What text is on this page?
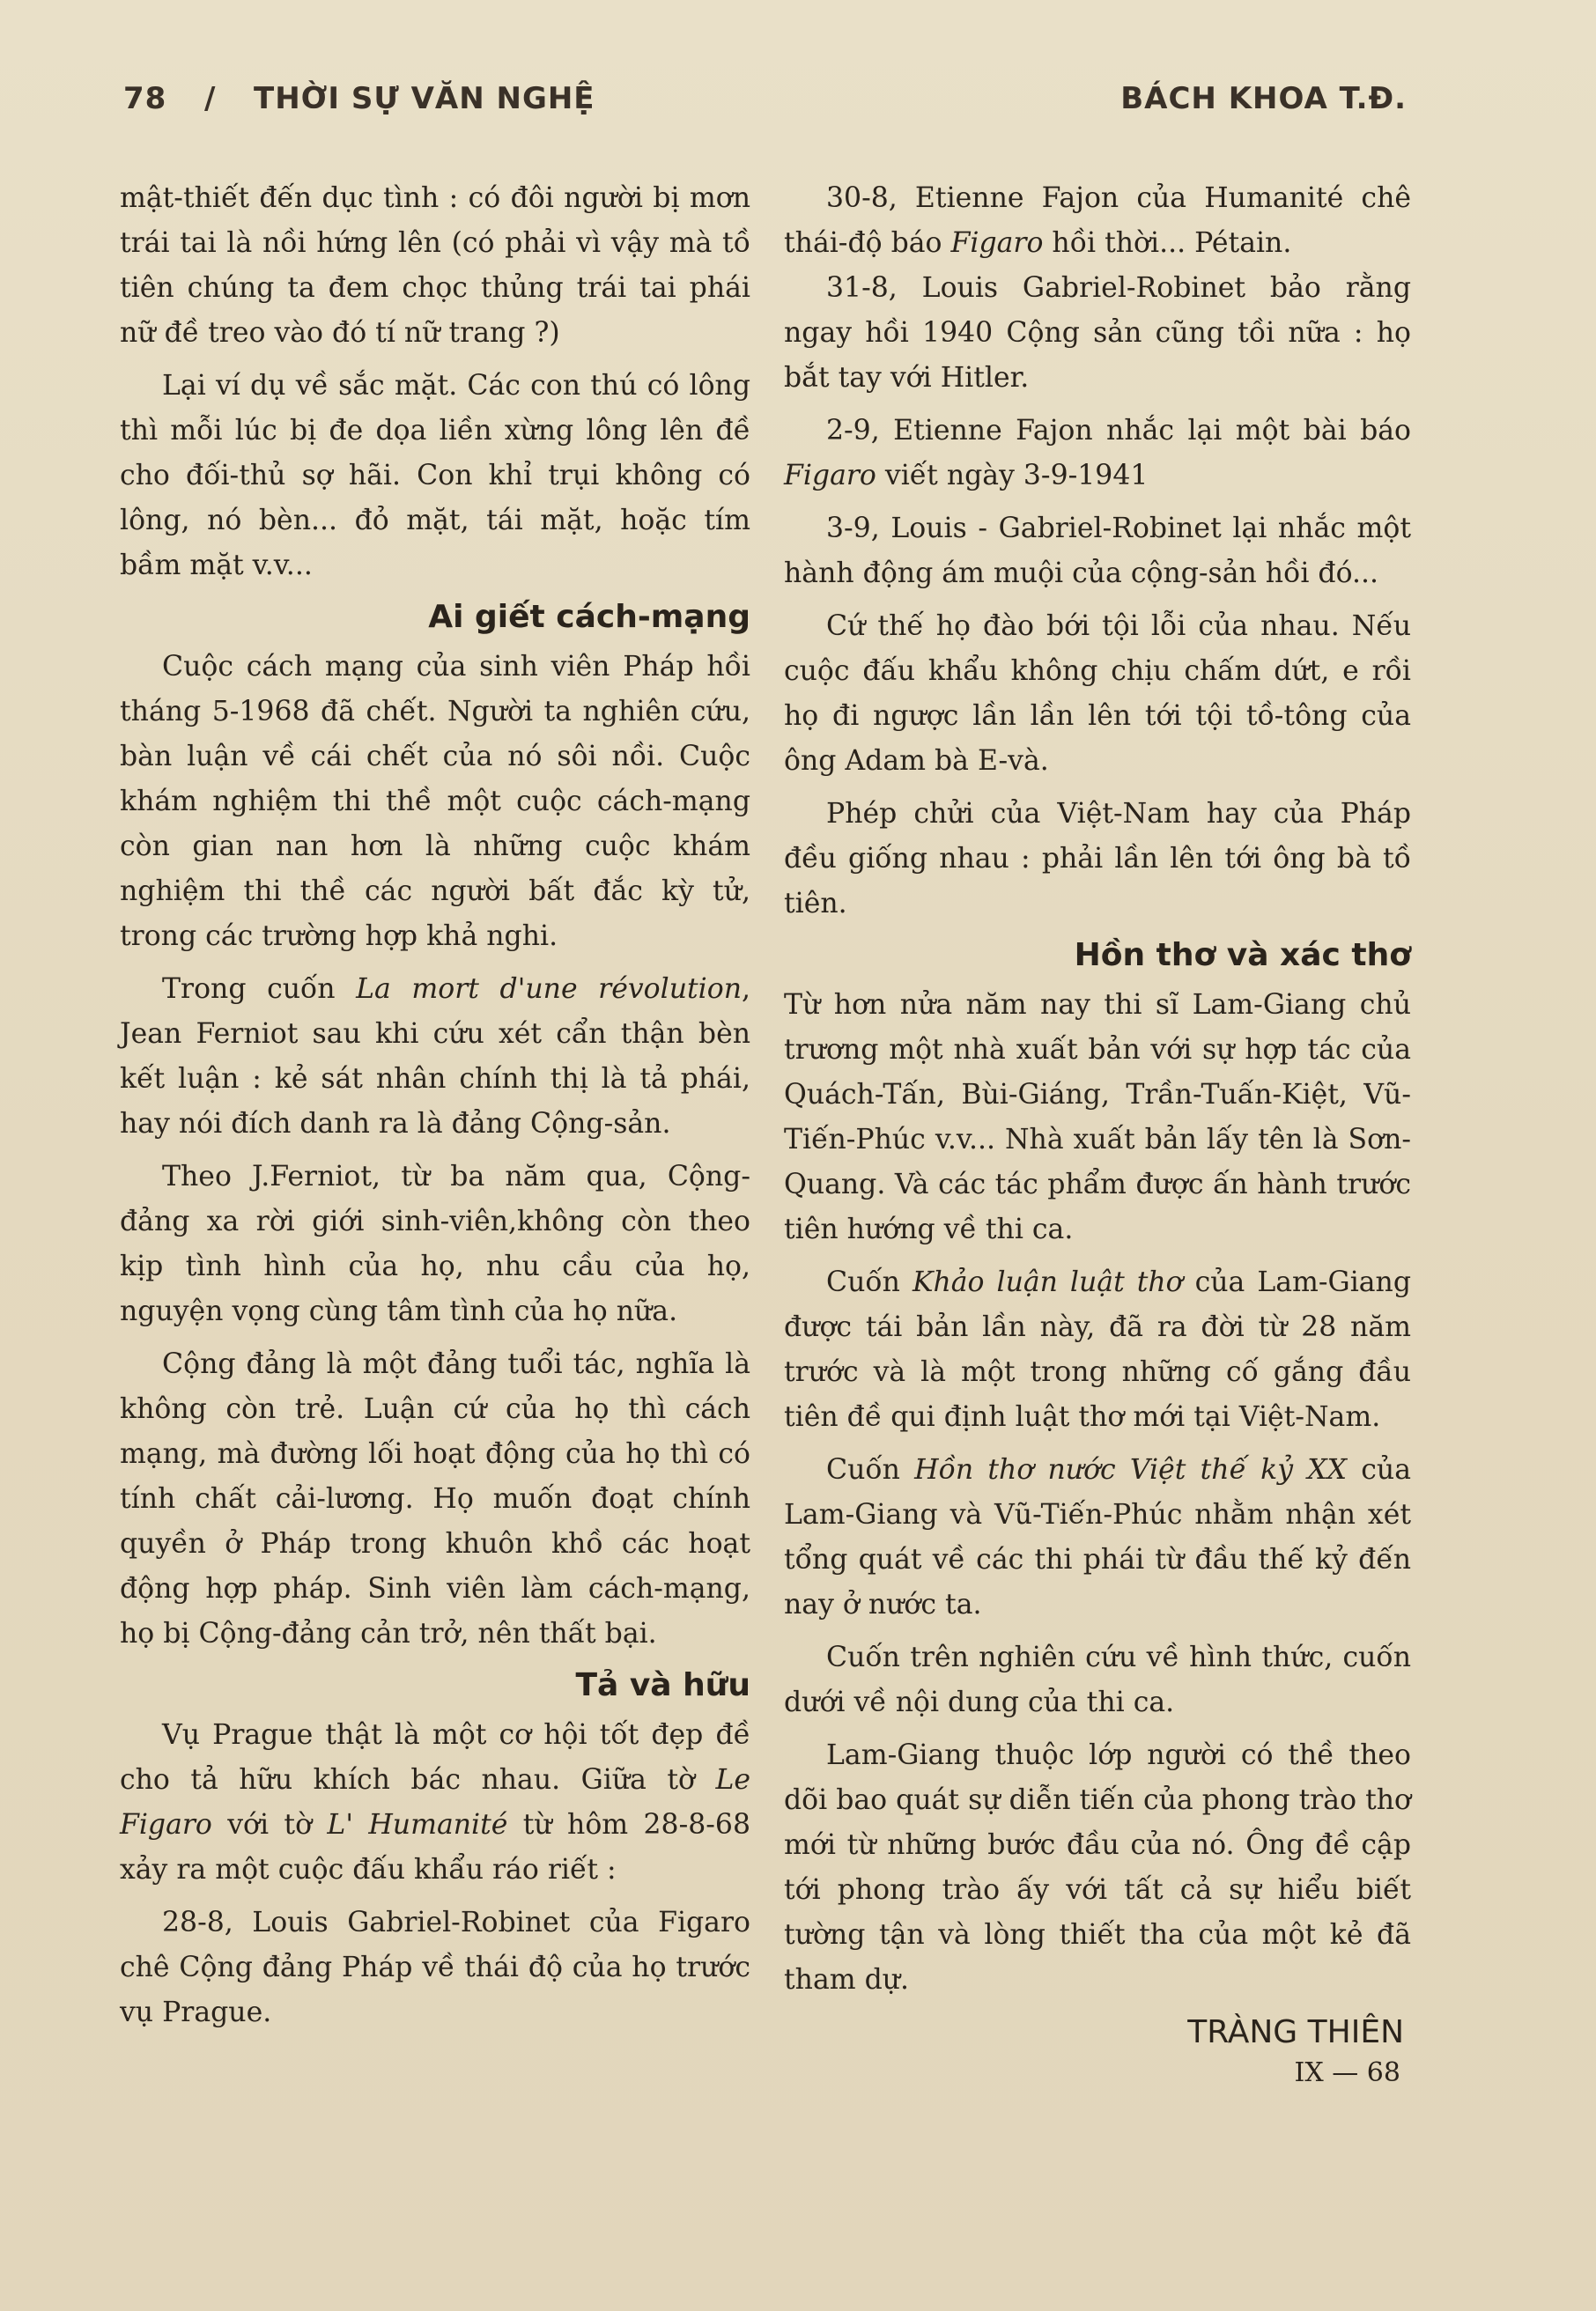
78 / THỜI SỰ VĂN NGHỆ	BÁCH KHOA T.Đ.

mật-thiết đến dục tình : có đôi người bị mơn trái tai là nồi hứng lên (có phải vì vậy mà tồ tiên chúng ta đem chọc thủng trái tai phái nữ đề treo vào đó tí nữ trang ?)

Lại ví dụ về sắc mặt. Các con thú có lông thì mỗi lúc bị đe dọa liền xừng lông lên đề cho đối-thủ sợ hãi. Con khỉ trụi không có lông, nó bèn... đỏ mặt, tái mặt, hoặc tím bầm mặt v.v...

Ai giết cách-mạng

Cuộc cách mạng của sinh viên Pháp hồi tháng 5-1968 đã chết. Người ta nghiên cứu, bàn luận về cái chết của nó sôi nồi. Cuộc khám nghiệm thi thề một cuộc cách-mạng còn gian nan hơn là những cuộc khám nghiệm thi thề các người bất đắc kỳ tử, trong các trường hợp khả nghi.

Trong cuốn La mort d'une révolution, Jean Ferniot sau khi cứu xét cẩn thận bèn kết luận : kẻ sát nhân chính thị là tả phái, hay nói đích danh ra là đảng Cộng-sản.

Theo J.Ferniot, từ ba năm qua, Cộng-đảng xa rời giới sinh-viên,không còn theo kịp tình hình của họ, nhu cầu của họ, nguyện vọng cùng tâm tình của họ nữa.

Cộng đảng là một đảng tuổi tác, nghĩa là không còn trẻ. Luận cứ của họ thì cách mạng, mà đường lối hoạt động của họ thì có tính chất cải-lương. Họ muốn đoạt chính quyền ở Pháp trong khuôn khồ các hoạt động hợp pháp. Sinh viên làm cách-mạng, họ bị Cộng-đảng cản trở, nên thất bại.

Tả và hữu

Vụ Prague thật là một cơ hội tốt đẹp đề cho tả hữu khích bác nhau. Giữa tờ Le Figaro với tờ L' Humanité từ hôm 28-8-68 xảy ra một cuộc đấu khẩu ráo riết :

28-8, Louis Gabriel-Robinet của Figaro chê Cộng đảng Pháp về thái độ của họ trước vụ Prague.

30-8, Etienne Fajon của Humanité chê thái-độ báo Figaro hồi thời... Pétain.

31-8, Louis Gabriel-Robinet bảo rằng ngay hồi 1940 Cộng sản cũng tồi nữa : họ bắt tay với Hitler.

2-9, Etienne Fajon nhắc lại một bài báo Figaro viết ngày 3-9-1941

3-9, Louis - Gabriel-Robinet lại nhắc một hành động ám muội của cộng-sản hồi đó...

Cứ thế họ đào bới tội lỗi của nhau. Nếu cuộc đấu khẩu không chịu chấm dứt, e rồi họ đi ngược lần lần lên tới tội tồ-tông của ông Adam bà E-và.

Phép chửi của Việt-Nam hay của Pháp đều giống nhau : phải lần lên tới ông bà tồ tiên.

Hồn thơ và xác thơ

Từ hơn nửa năm nay thi sĩ Lam-Giang chủ trương một nhà xuất bản với sự hợp tác của Quách-Tấn, Bùi-Giáng, Trần-Tuấn-Kiệt, Vũ-Tiến-Phúc v.v... Nhà xuất bản lấy tên là Sơn-Quang. Và các tác phẩm được ấn hành trước tiên hướng về thi ca.

Cuốn Khảo luận luật thơ của Lam-Giang được tái bản lần này, đã ra đời từ 28 năm trước và là một trong những cố gắng đầu tiên đề qui định luật thơ mới tại Việt-Nam.

Cuốn Hồn thơ nước Việt thế kỷ XX của Lam-Giang và Vũ-Tiến-Phúc nhằm nhận xét tổng quát về các thi phái từ đầu thế kỷ đến nay ở nước ta.

Cuốn trên nghiên cứu về hình thức, cuốn dưới về nội dung của thi ca.

Lam-Giang thuộc lớp người có thề theo dõi bao quát sự diễn tiến của phong trào thơ mới từ những bước đầu của nó. Ông đề cập tới phong trào ấy với tất cả sự hiểu biết tường tận và lòng thiết tha của một kẻ đã tham dự.

TRÀNG THIÊN
IX — 68
